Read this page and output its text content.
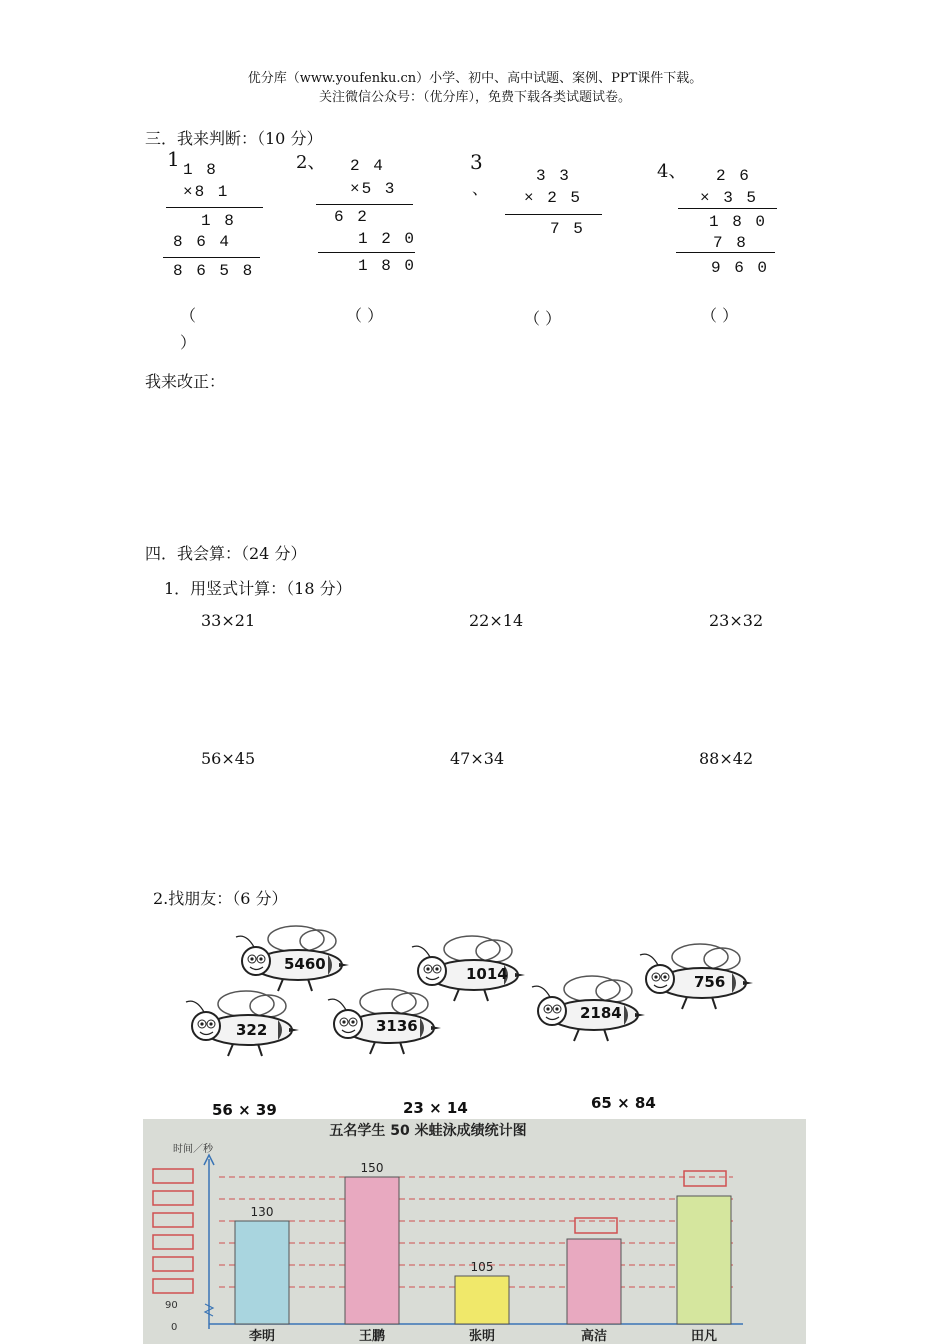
优分库（www.youfenku.cn）小学、初中、高中试题、案例、PPT课件下载。
关注微信公众号：（优分库），免费下载各类试题试卷。
三．我来判断：（10 分）
1 1 8
×8 1
1 8
8 6 4
8 6 5 8
（
）
2、 2 4
×5 3
6 2
1 2 0
1 8 0
（ ）
3
、
3 3
× 2 5
7 5
（ ）
4、 2 6
× 3 5
1 8 0
7 8
9 6 0
（ ）
我来改正：
四．我会算：（24 分）
1．用竖式计算：（18 分）
33×21	22×14	23×32
56×45	47×34	88×42
2.找朋友：（6 分）
5460
1014	756
322	3136
2184
56 × 39	23 × 14	65 × 84
五名学生 50 米蛙泳成绩统计图
时间／秒
90
0
130
150
105
李明	王鹏	张明	高洁	田凡
